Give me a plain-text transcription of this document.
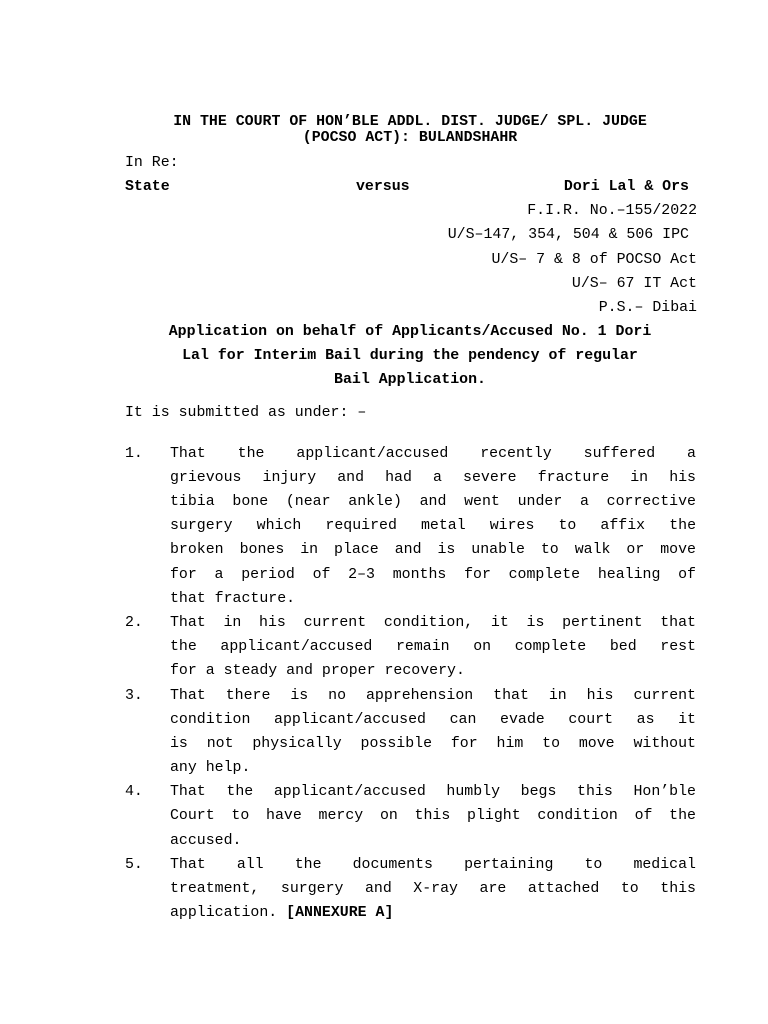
IN THE COURT OF HON’BLE ADDL. DIST. JUDGE/ SPL. JUDGE
(POCSO ACT): BULANDSHAHR
In Re:
State	versus	Dori Lal & Ors
F.I.R. No.–155/2022
U/S–147, 354, 504 & 506 IPC
U/S– 7 & 8 of POCSO Act
U/S– 67 IT Act
P.S.– Dibai
Application on behalf of Applicants/Accused No. 1 Dori
Lal for Interim Bail during the pendency of regular
Bail Application.
It is submitted as under: –
1. That the applicant/accused recently suffered a
grievous injury and had a severe fracture in his
tibia bone (near ankle) and went under a corrective
surgery which required metal wires to affix the
broken bones in place and is unable to walk or move
for a period of 2–3 months for complete healing of
that fracture.
2. That in his current condition, it is pertinent that
the applicant/accused remain on complete bed rest
for a steady and proper recovery.
3. That there is no apprehension that in his current
condition applicant/accused can evade court as it
is not physically possible for him to move without
any help.
4. That the applicant/accused humbly begs this Hon’ble
Court to have mercy on this plight condition of the
accused.
5. That all the documents pertaining to medical
treatment, surgery and X-ray are attached to this
application. [ANNEXURE A]
